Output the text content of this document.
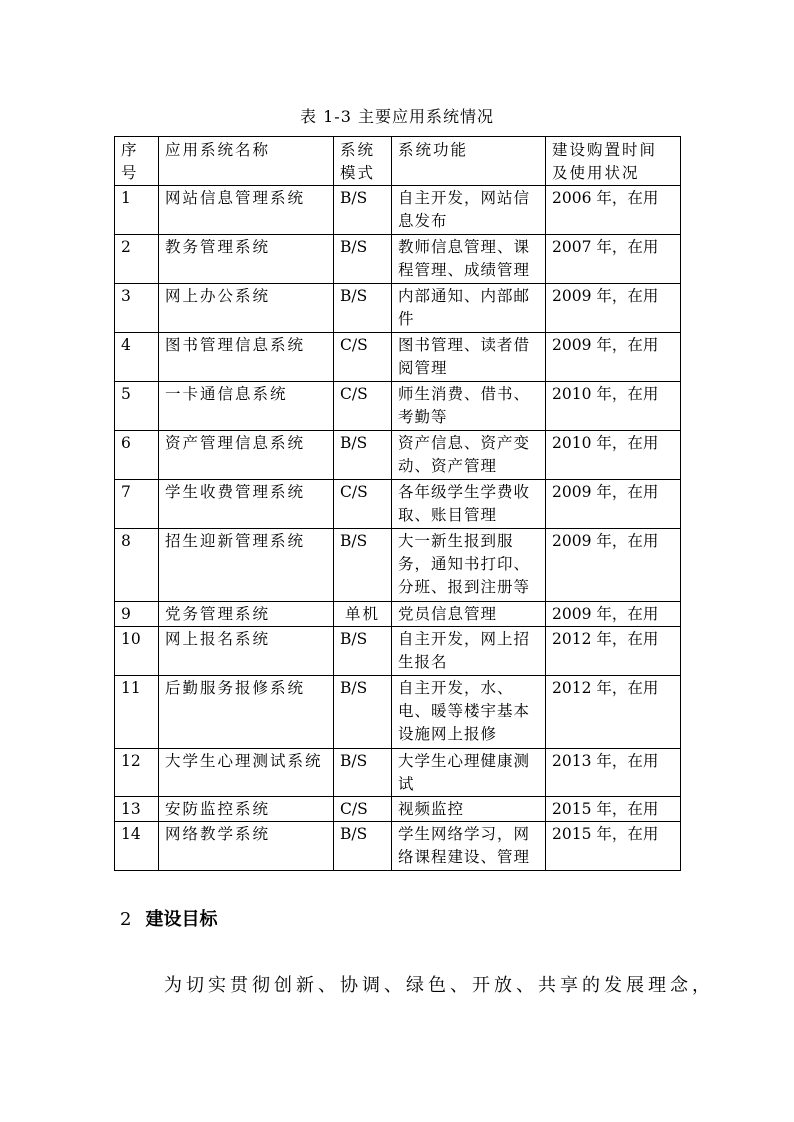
表 1-3 主要应用系统情况
序号	应用系统名称	系统模式	系统功能	建设购置时间及使用状况
1	网站信息管理系统	B/S	自主开发，网站信息发布	2006 年，在用
2	教务管理系统	B/S	教师信息管理、课程管理、成绩管理	2007 年，在用
3	网上办公系统	B/S	内部通知、内部邮件	2009 年，在用
4	图书管理信息系统	C/S	图书管理、读者借阅管理	2009 年，在用
5	一卡通信息系统	C/S	师生消费、借书、考勤等	2010 年，在用
6	资产管理信息系统	B/S	资产信息、资产变动、资产管理	2010 年，在用
7	学生收费管理系统	C/S	各年级学生学费收取、账目管理	2009 年，在用
8	招生迎新管理系统	B/S	大一新生报到服务，通知书打印、分班、报到注册等	2009 年，在用
9	党务管理系统	单机	党员信息管理	2009 年，在用
10	网上报名系统	B/S	自主开发，网上招生报名	2012 年，在用
11	后勤服务报修系统	B/S	自主开发，水、电、暖等楼宇基本设施网上报修	2012 年，在用
12	大学生心理测试系统	B/S	大学生心理健康测试	2013 年，在用
13	安防监控系统	C/S	视频监控	2015 年，在用
14	网络教学系统	B/S	学生网络学习，网络课程建设、管理	2015 年，在用
2 建设目标
为切实贯彻创新、协调、绿色、开放、共享的发展理念，
